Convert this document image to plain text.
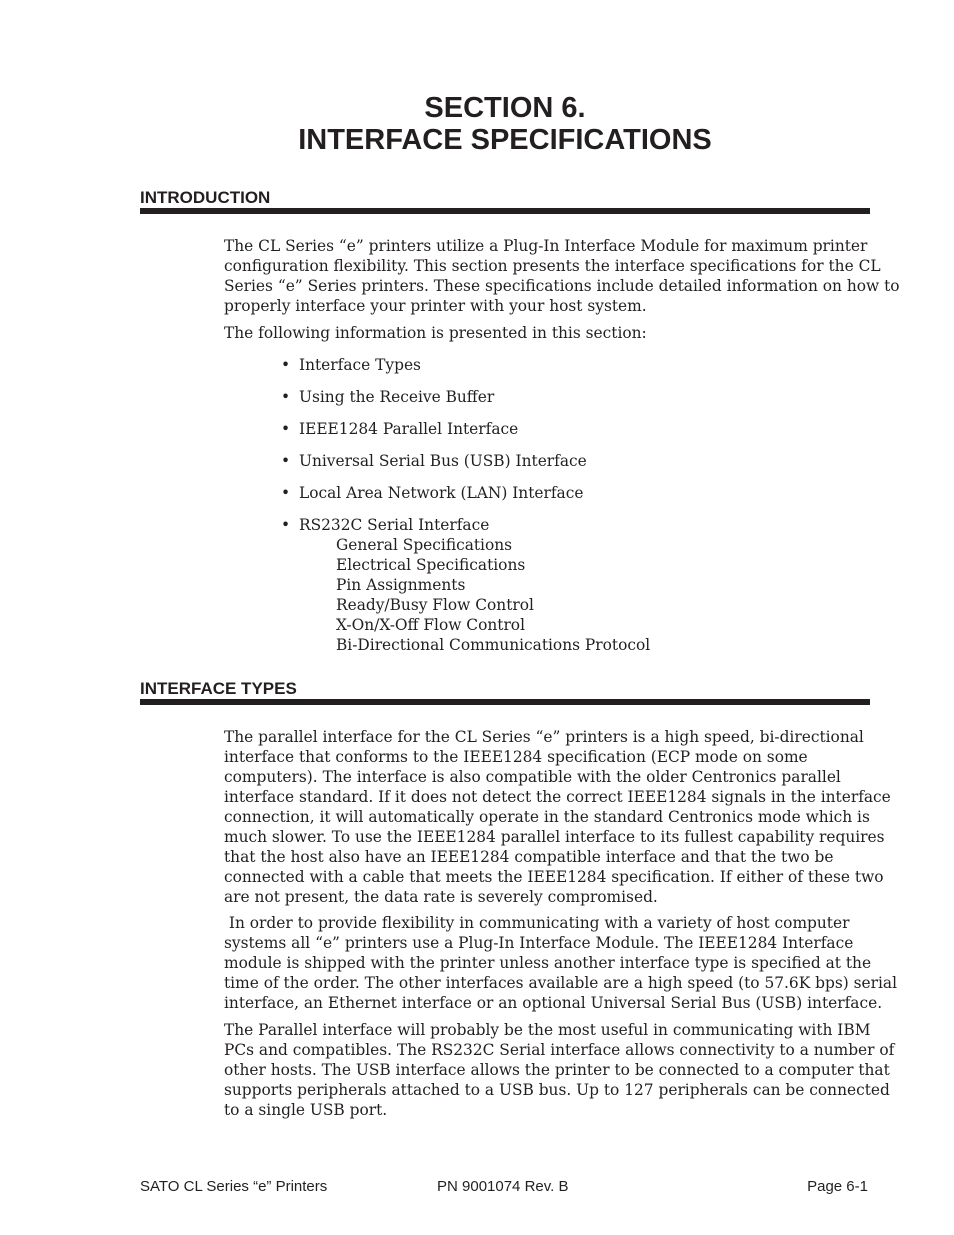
SECTION 6.
INTERFACE SPECIFICATIONS
INTRODUCTION
The CL Series “e” printers utilize a Plug-In Interface Module for maximum printer
configuration flexibility. This section presents the interface specifications for the CL
Series “e” Series printers. These specifications include detailed information on how to
properly interface your printer with your host system.
The following information is presented in this section:
• Interface Types
• Using the Receive Buffer
• IEEE1284 Parallel Interface
• Universal Serial Bus (USB) Interface
• Local Area Network (LAN) Interface
• RS232C Serial Interface
General Specifications
Electrical Specifications
Pin Assignments
Ready/Busy Flow Control
X-On/X-Off Flow Control
Bi-Directional Communications Protocol
INTERFACE TYPES
The parallel interface for the CL Series “e” printers is a high speed, bi-directional
interface that conforms to the IEEE1284 specification (ECP mode on some
computers). The interface is also compatible with the older Centronics parallel
interface standard. If it does not detect the correct IEEE1284 signals in the interface
connection, it will automatically operate in the standard Centronics mode which is
much slower. To use the IEEE1284 parallel interface to its fullest capability requires
that the host also have an IEEE1284 compatible interface and that the two be
connected with a cable that meets the IEEE1284 specification. If either of these two
are not present, the data rate is severely compromised.
In order to provide flexibility in communicating with a variety of host computer
systems all “e” printers use a Plug-In Interface Module. The IEEE1284 Interface
module is shipped with the printer unless another interface type is specified at the
time of the order. The other interfaces available are a high speed (to 57.6K bps) serial
interface, an Ethernet interface or an optional Universal Serial Bus (USB) interface.
The Parallel interface will probably be the most useful in communicating with IBM
PCs and compatibles. The RS232C Serial interface allows connectivity to a number of
other hosts. The USB interface allows the printer to be connected to a computer that
supports peripherals attached to a USB bus. Up to 127 peripherals can be connected
to a single USB port.
SATO CL Series “e” Printers	PN 9001074 Rev. B	Page 6-1
